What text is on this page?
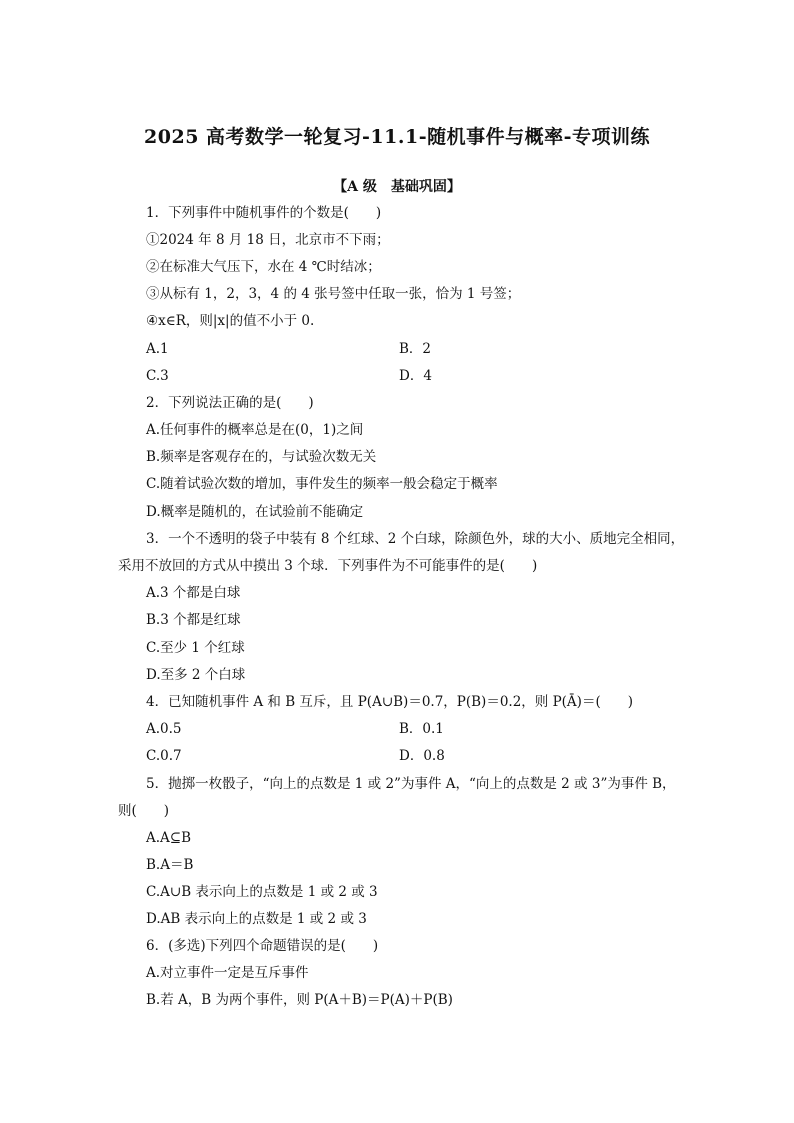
2025 高考数学一轮复习-11.1-随机事件与概率-专项训练
【A 级　基础巩固】
1．下列事件中随机事件的个数是(　　)
①2024 年 8 月 18 日，北京市不下雨；
②在标准大气压下，水在 4 ℃时结冰；
③从标有 1，2，3，4 的 4 张号签中任取一张，恰为 1 号签；
④x∈R，则|x|的值不小于 0.
A.1	B．2
C.3	D．4
2．下列说法正确的是(　　)
A.任何事件的概率总是在(0，1)之间
B.频率是客观存在的，与试验次数无关
C.随着试验次数的增加，事件发生的频率一般会稳定于概率
D.概率是随机的，在试验前不能确定
3．一个不透明的袋子中装有 8 个红球、2 个白球，除颜色外，球的大小、质地完全相同，
采用不放回的方式从中摸出 3 个球．下列事件为不可能事件的是(　　)
A.3 个都是白球
B.3 个都是红球
C.至少 1 个红球
D.至多 2 个白球
4．已知随机事件 A 和 B 互斥，且 P(A∪B)＝0.7，P(B)＝0.2，则 P(Ā)＝(　　)
A.0.5	B．0.1
C.0.7	D．0.8
5．抛掷一枚骰子，“向上的点数是 1 或 2”为事件 A，“向上的点数是 2 或 3”为事件 B，
则(　　)
A.A⊆B
B.A＝B
C.A∪B 表示向上的点数是 1 或 2 或 3
D.AB 表示向上的点数是 1 或 2 或 3
6．(多选)下列四个命题错误的是(　　)
A.对立事件一定是互斥事件
B.若 A，B 为两个事件，则 P(A＋B)＝P(A)＋P(B)
